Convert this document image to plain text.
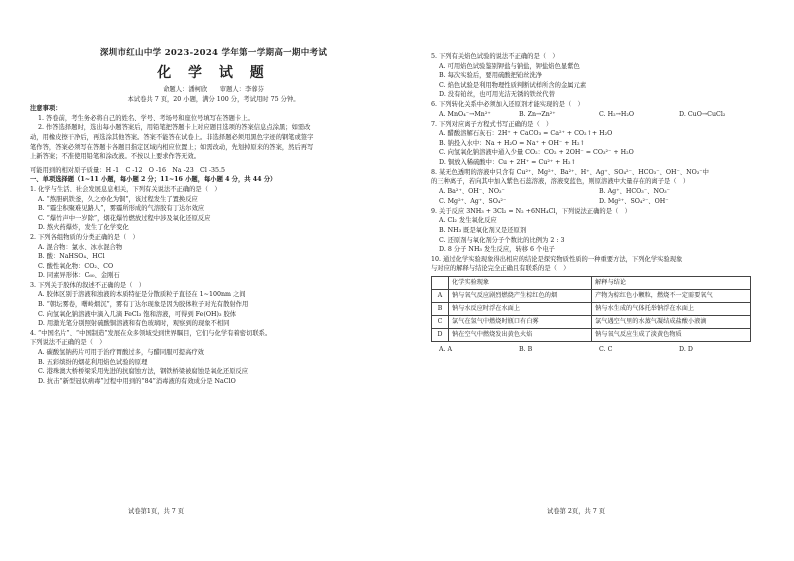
深圳市红山中学 2023-2024 学年第一学期高一期中考试
化 学 试 题
命题人：潘柯欣　　审题人：李蓉芬
本试卷共 7 页，20 小题，满分 100 分，考试用时 75 分钟。
注意事项：
1. 答卷前，考生务必将自己的姓名、学号、考场号和座位号填写在答题卡上。
2. 作答选择题时，选出每小题答案后，用铅笔把答题卡上对应题目选项的答案信息点涂黑；如需改
动，用橡皮擦干净后，再选涂其他答案。答案不能答在试卷上。非选择题必须用黑色字迹的钢笔或签字
笔作答，答案必须写在答题卡各题目指定区域内相应位置上；如需改动，先划掉原来的答案，然后再写
上新答案；不准使用铅笔和涂改液。不按以上要求作答无效。
可能用到的相对原子质量：H -1　C -12　O -16　Na -23　Cl -35.5
一、单项选择题（1~11 小题，每小题 2 分；11~16 小题，每小题 4 分，共 44 分）
1. 化学与生活、社会发展息息相关，下列有关说法不正确的是（　）
A. “熬胆矾铁釜，久之亦化为铜”，该过程发生了置换反应
B. “霾尘积聚难见路人”，雾霾所形成的气溶胶有丁达尔效应
C. “爆竹声中一岁除”，烟花爆竹燃放过程中涉及氧化还原反应
D. 熬火药爆炸，发生了化学变化
2. 下列各组物质的分类正确的是（　）
A. 混合物：氯水、冰水混合物
B. 酸：NaHSO₄、HCl
C. 酸性氧化物：CO₂、CO
D. 同素异形体：C₆₀、金刚石
3. 下列关于胶体的叙述不正确的是（　）
A. 胶体区别于溶液和浊液的本质特征是分散质粒子直径在 1~100nm 之间
B. “朝坛雾卷，曙岭烟沉”，雾有丁达尔现象是因为胶体粒子对光有散射作用
C. 向氢氧化钠溶液中滴入几滴 FeCl₃ 饱和溶液，可得到 Fe(OH)₃ 胶体
D. 用激光笔分别照射硫酸铜溶液和有色玻璃时，观察到的现象不相同
4. “中国名片”、“中国制造”发展在众多领域受到世界瞩目，它们与化学有着密切联系。
下列说法不正确的是（　）
A. 碳酸氢钠药片可用于治疗胃酸过多，与醋同服可提高疗效
B. 五彩缤纷的烟花利用焰色试验的原理
C. 港珠澳大桥桥梁采用先进的抗腐蚀方法，钢铁桥梁被腐蚀是氧化还原反应
D. 抗击“新型冠状病毒”过程中用到的“84”消毒液的有效成分是 NaClO
试卷第1页，共 7 页
5. 下列有关焰色试验的说法不正确的是（　）
A. 可用焰色试验鉴别钾盐与钠盐，钾盐焰色显紫色
B. 每次实验后，要用硫酸把铂丝洗净
C. 焰色试验是利用物理性质判断试样所含的金属元素
D. 没有铂丝，也可用光洁无锈的铁丝代替
6. 下列转化关系中必须加入还原剂才能实现的是（　）
A. MnO₄⁻→Mn²⁺	B. Zn→Zn²⁺	C. H₂→H₂O	D. CuO→CuCl₂
7. 下列对应离子方程式书写正确的是（　）
A. 醋酸溶解石灰石：2H⁺ + CaCO₃ = Ca²⁺ + CO₂↑+ H₂O
B. 钠投入水中：Na + H₂O = Na⁺ + OH⁻ + H₂↑
C. 向氢氧化钠溶液中通入少量 CO₂：CO₂ + 2OH⁻ = CO₃²⁻ + H₂O
D. 铜放入稀硫酸中：Cu + 2H⁺ = Cu²⁺ + H₂↑
8. 某无色透明的溶液中只含有 Cu²⁺、Mg²⁺、Ba²⁺、H⁺、Ag⁺、SO₄²⁻、HCO₃⁻、OH⁻、NO₃⁻中
的三种离子，若向其中加入紫色石蕊溶液，溶液变蓝色，则原溶液中大量存在的离子是（　）
A. Ba²⁺、OH⁻、NO₃⁻	B. Ag⁺、HCO₃⁻、NO₃⁻
C. Mg²⁺、Ag⁺、SO₄²⁻	D. Mg²⁺、SO₄²⁻、OH⁻
9. 关于反应 3NH₃ + 3Cl₂ = N₂ +6NH₄Cl，下列说法正确的是（　）
A. Cl₂ 发生氧化反应
B. NH₃ 既是氧化剂又是还原剂
C. 还原剂与氧化剂分子个数比的比例为 2 : 3
D. 8 分子 NH₃ 发生反应，转移 6 个电子
10. 通过化学实验现象得出相应的结论是探究物质性质的一种重要方法，下列化学实验现象
与对应的解释与结论完全正确且有联系的是（　）
	化学实验现象	解释与结论
A	钠与氧气反应剧烈燃烧产生棕红色的烟	产物为棕红色小颗粒，燃烧不一定需要氧气
B	钠与水反应时浮在水面上	钠与水生成的气体托举钠浮在水面上
C	氯气在氢气中燃烧时瓶口有白雾	氯气遇空气里的水蒸气凝结成盐酸小液滴
D	钠在空气中燃烧发出黄色火焰	钠与氧气反应生成了淡黄色物质
A. A	B. B	C. C	D. D
试卷第 2页，共 7 页
